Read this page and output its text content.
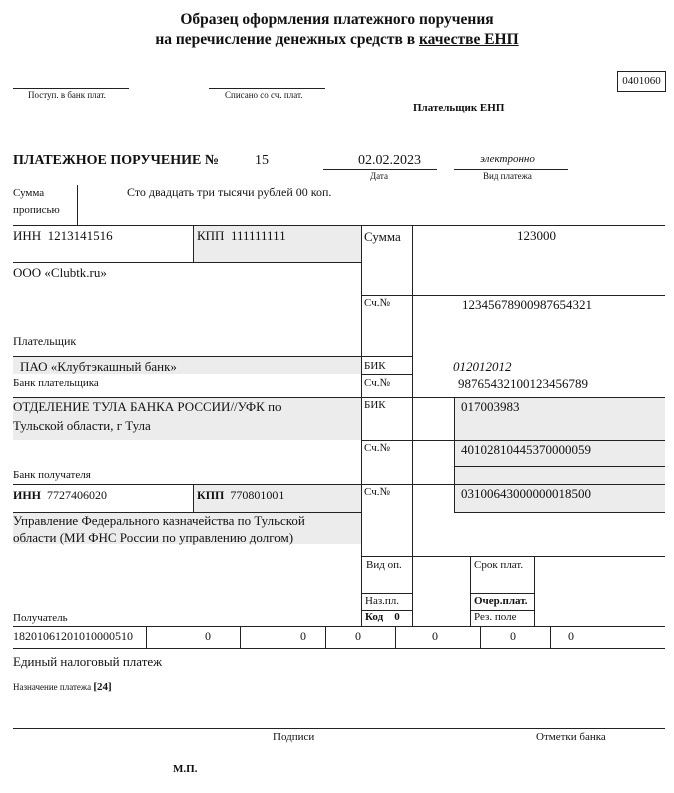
Образец оформления платежного поручения
на перечисление денежных средств в качестве ЕНП
0401060
Поступ. в банк плат.	Списано со сч. плат.
Плательщик ЕНП
ПЛАТЕЖНОЕ ПОРУЧЕНИЕ №	15	02.02.2023
Дата
электронно
Вид платежа
Сумма
прописью
Сто двадцать три тысячи рублей 00 коп.
ИНН 1213141516	КПП 111111111	Сумма	123000
ООО «Clubtk.ru»
Сч.№	12345678900987654321
Плательщик
ПАО «Клубтэкашный банк»	БИК	012012012
Банк плательщика	Сч.№	98765432100123456789
ОТДЕЛЕНИЕ ТУЛА БАНКА РОССИИ//УФК по
Тульской области, г Тула
БИК	017003983
Сч.№	40102810445370000059
Банк получателя
ИНН 7727406020	КПП 770801001	Сч.№	03100643000000018500
Управление Федерального казначейства по Тульской
области (МИ ФНС России по управлению долгом)
Получатель
Вид оп.	Срок плат.
Наз.пл.	Очер.плат.
Код 0	Рез. поле
18201061201010000510	0	0	0	0	0	0
Единый налоговый платеж
Назначение платежа [24]
Подписи	Отметки банка
М.П.
